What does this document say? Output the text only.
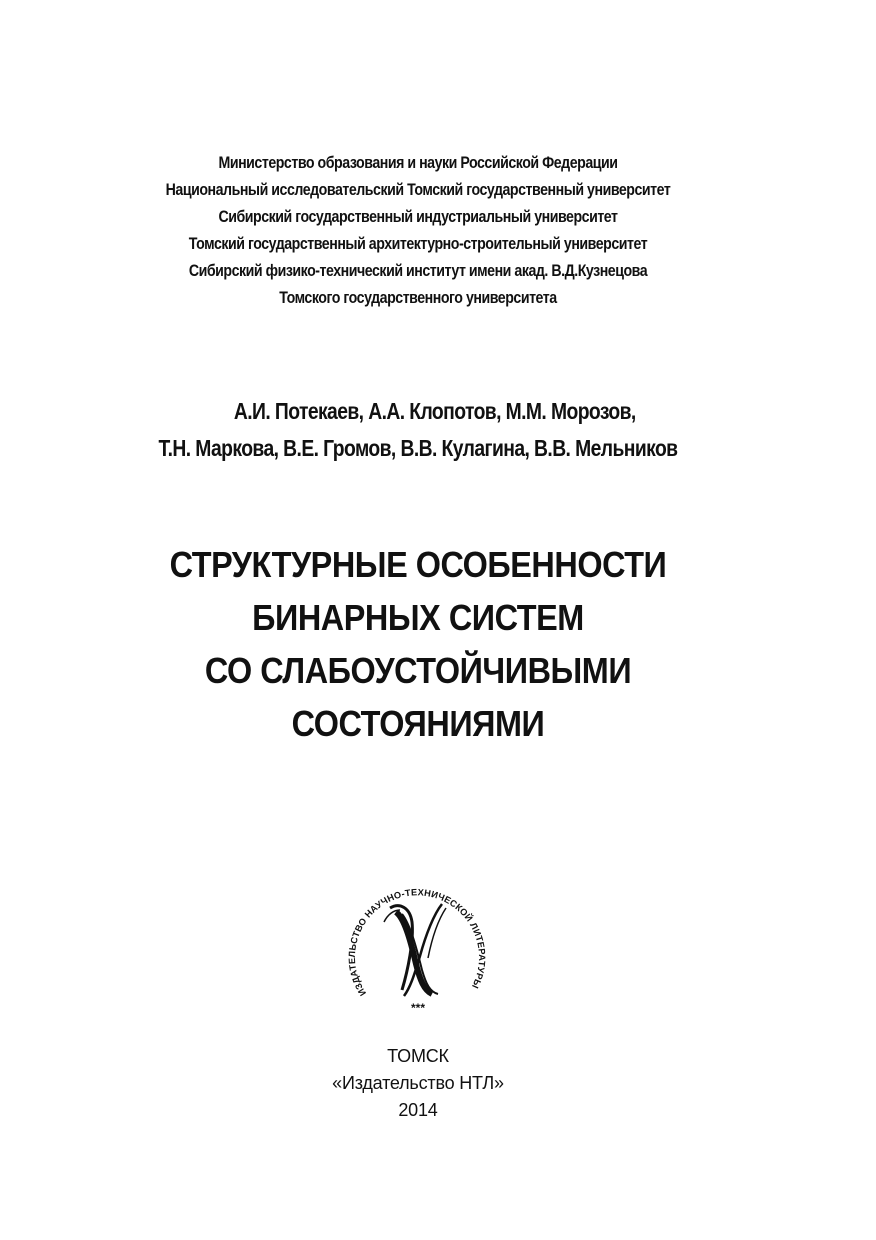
Министерство образования и науки Российской Федерации
Национальный исследовательский Томский государственный университет
Сибирский государственный индустриальный университет
Томский государственный архитектурно-строительный университет
Сибирский физико-технический институт имени акад. В.Д.Кузнецова
Томского государственного университета
А.И. Потекаев, А.А. Клопотов, М.М. Морозов,
Т.Н. Маркова, В.Е. Громов, В.В. Кулагина, В.В. Мельников
СТРУКТУРНЫЕ ОСОБЕННОСТИ
БИНАРНЫХ СИСТЕМ
СО СЛАБОУСТОЙЧИВЫМИ
СОСТОЯНИЯМИ
ИЗДАТЕЛЬСТВО НАУЧНО-ТЕХНИЧЕСКОЙ ЛИТЕРАТУРЫ
***
ТОМСК
«Издательство НТЛ»
2014
